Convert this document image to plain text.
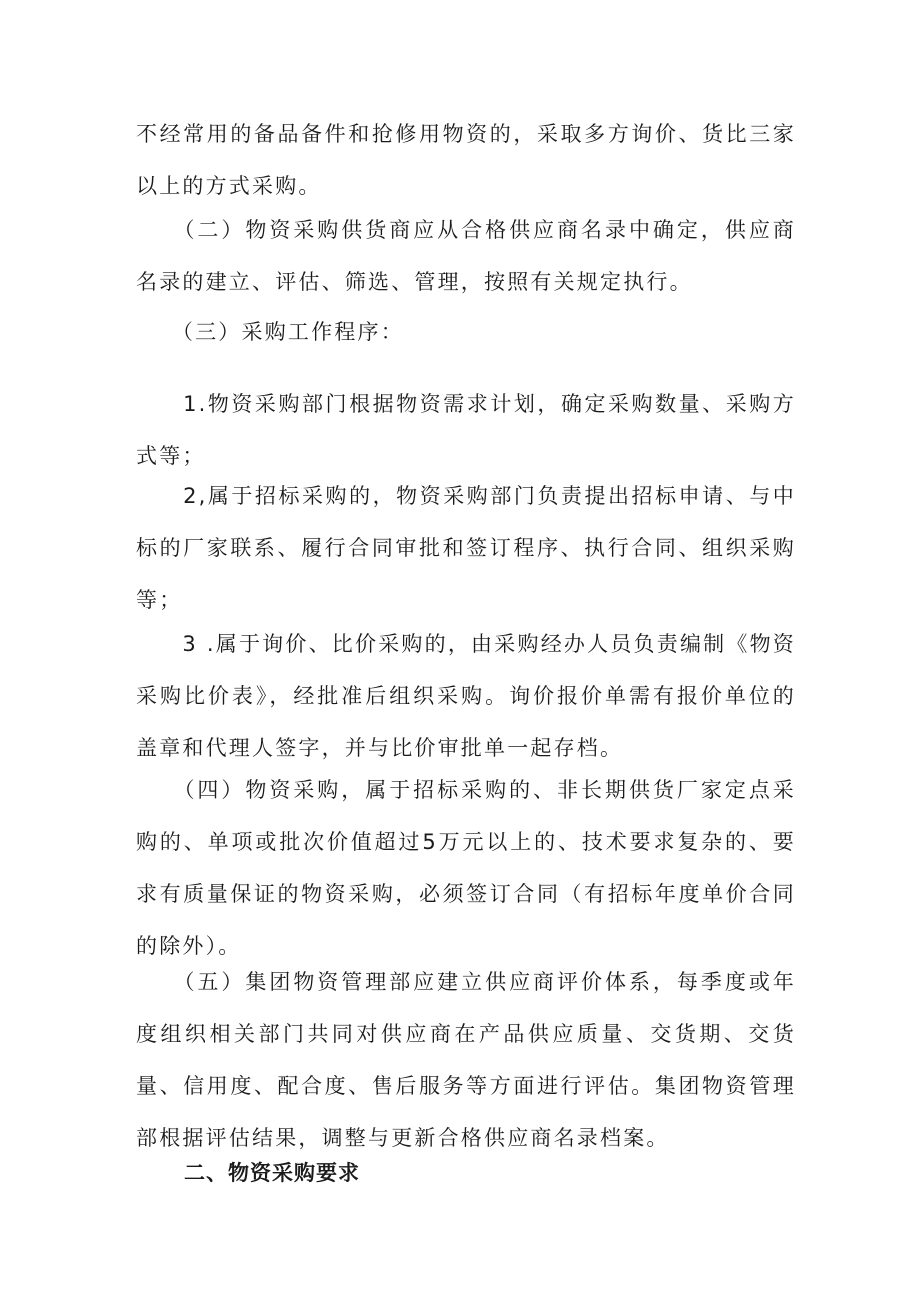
不经常用的备品备件和抢修用物资的，采取多方询价、货比三家以上的方式采购。

　　（二）物资采购供货商应从合格供应商名录中确定，供应商名录的建立、评估、筛选、管理，按照有关规定执行。

　　（三）采购工作程序：

　　1.物资采购部门根据物资需求计划，确定采购数量、采购方式等；

　　2,属于招标采购的，物资采购部门负责提出招标申请、与中标的厂家联系、履行合同审批和签订程序、执行合同、组织采购等；

　　3 .属于询价、比价采购的，由采购经办人员负责编制《物资采购比价表》，经批准后组织采购。询价报价单需有报价单位的盖章和代理人签字，并与比价审批单一起存档。

　　（四）物资采购，属于招标采购的、非长期供货厂家定点采购的、单项或批次价值超过5万元以上的、技术要求复杂的、要求有质量保证的物资采购，必须签订合同（有招标年度单价合同的除外）。

　　（五）集团物资管理部应建立供应商评价体系，每季度或年度组织相关部门共同对供应商在产品供应质量、交货期、交货量、信用度、配合度、售后服务等方面进行评估。集团物资管理部根据评估结果，调整与更新合格供应商名录档案。

二、物资采购要求
